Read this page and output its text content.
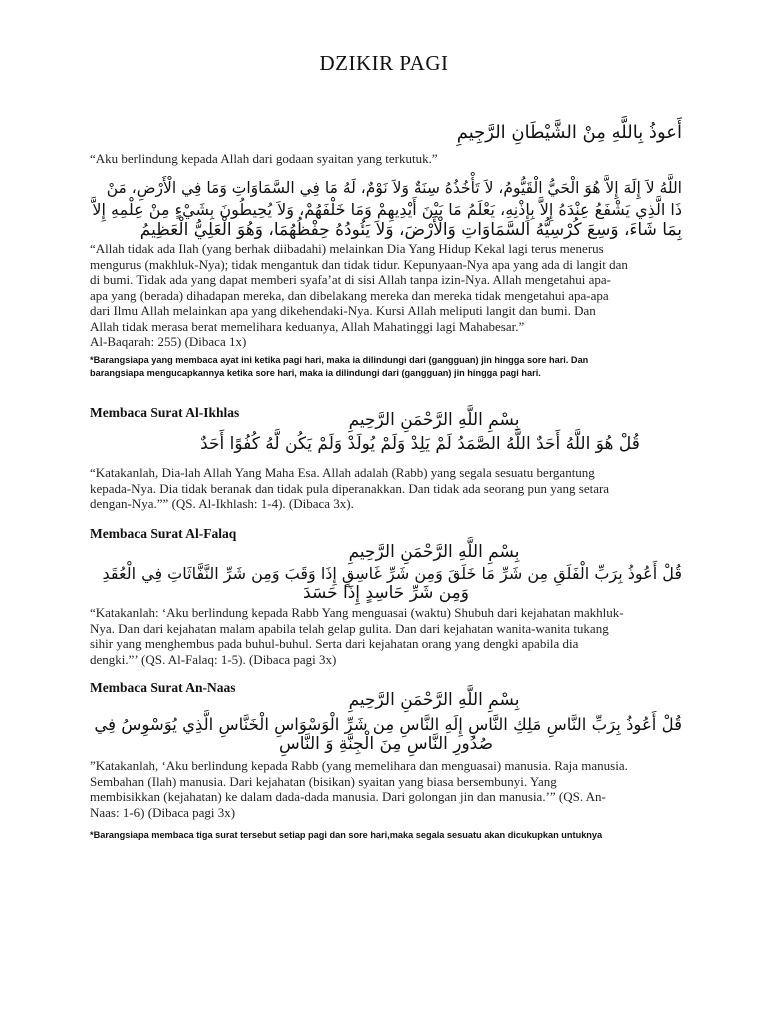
DZIKIR PAGI
أَعوذُ بِاللَّهِ مِنْ الشَّيْطَانِ الرَّجِيمِ
“Aku berlindung kepada Allah dari godaan syaitan yang terkutuk.”
اللَّهُ لاَ إِلَهَ إِلاَّ هُوَ الْحَيُّ الْقَيُّومُ، لاَ تَأْخُذُهُ سِنَةٌ وَلاَ نَوْمٌ، لَهُ مَا فِي السَّمَاوَاتِ وَمَا فِي الْأَرْضِ، مَنْ
ذَا الَّذِي يَشْفَعُ عِنْدَهُ إِلاَّ بِإِذْنِهِ، يَعْلَمُ مَا بَيْنَ أَيْدِيهِمْ وَمَا خَلْفَهُمْ، وَلاَ يُحِيطُونَ بِشَيْءٍ مِنْ عِلْمِهِ إِلاَّ
بِمَا شَاءَ، وَسِعَ كُرْسِيُّهُ السَّمَاوَاتِ وَالْأَرْضَ، وَلاَ يَئُودُهُ حِفْظُهُمَا، وَهُوَ الْعَلِيُّ الْعَظِيمُ
“Allah tidak ada Ilah (yang berhak diibadahi) melainkan Dia Yang Hidup Kekal lagi terus menerus
mengurus (makhluk-Nya); tidak mengantuk dan tidak tidur. Kepunyaan-Nya apa yang ada di langit dan
di bumi. Tidak ada yang dapat memberi syafa’at di sisi Allah tanpa izin-Nya. Allah mengetahui apa-
apa yang (berada) dihadapan mereka, dan dibelakang mereka dan mereka tidak mengetahui apa-apa
dari Ilmu Allah melainkan apa yang dikehendaki-Nya. Kursi Allah meliputi langit dan bumi. Dan
Allah tidak merasa berat memelihara keduanya, Allah Mahatinggi lagi Mahabesar.”
Al-Baqarah: 255) (Dibaca 1x)
*Barangsiapa yang membaca ayat ini ketika pagi hari, maka ia dilindungi dari (gangguan) jin hingga sore hari. Dan
barangsiapa mengucapkannya ketika sore hari, maka ia dilindungi dari (gangguan) jin hingga pagi hari.
Membaca Surat Al-Ikhlas	بِسْمِ اللَّهِ الرَّحْمَنِ الرَّحِيمِ
قُلْ هُوَ اللَّهُ أَحَدٌ اللَّهُ الصَّمَدُ لَمْ يَلِدْ وَلَمْ يُولَدْ وَلَمْ يَكُن لَّهُ كُفُوًا أَحَدٌ
“Katakanlah, Dia-lah Allah Yang Maha Esa. Allah adalah (Rabb) yang segala sesuatu bergantung
kepada-Nya. Dia tidak beranak dan tidak pula diperanakkan. Dan tidak ada seorang pun yang setara
dengan-Nya.”” (QS. Al-Ikhlash: 1-4). (Dibaca 3x).
Membaca Surat Al-Falaq
بِسْمِ اللَّهِ الرَّحْمَنِ الرَّحِيمِ
قُلْ أَعُوذُ بِرَبِّ الْفَلَقِ مِن شَرِّ مَا خَلَقَ وَمِن شَرِّ غَاسِقٍ إِذَا وَقَبَ وَمِن شَرِّ النَّفَّاثَاتِ فِي الْعُقَدِ
وَمِن شَرِّ حَاسِدٍ إِذَا حَسَدَ
“Katakanlah: ‘Aku berlindung kepada Rabb Yang menguasai (waktu) Shubuh dari kejahatan makhluk-
Nya. Dan dari kejahatan malam apabila telah gelap gulita. Dan dari kejahatan wanita-wanita tukang
sihir yang menghembus pada buhul-buhul. Serta dari kejahatan orang yang dengki apabila dia
dengki.”’ (QS. Al-Falaq: 1-5). (Dibaca pagi 3x)
Membaca Surat An-Naas
بِسْمِ اللَّهِ الرَّحْمَنِ الرَّحِيمِ
قُلْ أَعُوذُ بِرَبِّ النَّاسِ مَلِكِ النَّاسِ إِلَهِ النَّاسِ مِن شَرِّ الْوَسْوَاسِ الْخَنَّاسِ الَّذِي يُوَسْوِسُ فِي
صُدُورِ النَّاسِ مِنَ الْجِنَّةِ وَ النَّاسِ
”Katakanlah, ‘Aku berlindung kepada Rabb (yang memelihara dan menguasai) manusia. Raja manusia.
Sembahan (Ilah) manusia. Dari kejahatan (bisikan) syaitan yang biasa bersembunyi. Yang
membisikkan (kejahatan) ke dalam dada-dada manusia. Dari golongan jin dan manusia.’” (QS. An-
Naas: 1-6) (Dibaca pagi 3x)
*Barangsiapa membaca tiga surat tersebut setiap pagi dan sore hari,maka segala sesuatu akan dicukupkan untuknya
